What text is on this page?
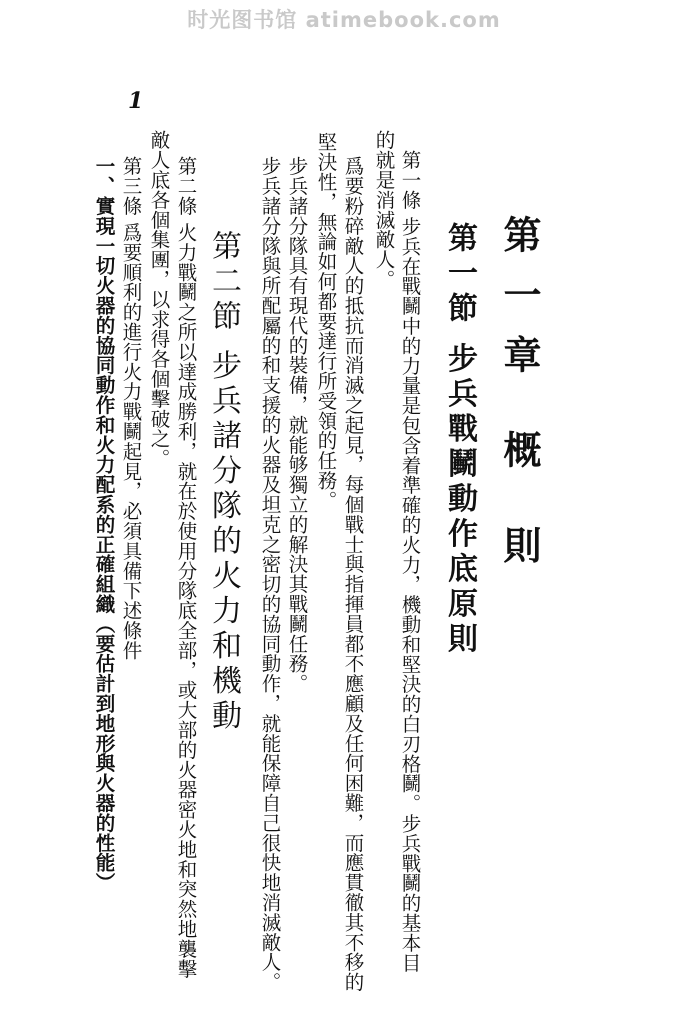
时光图书馆 atimebook.com
1
第一章 概 則
第一節 步兵戰鬭動作底原則
第一條 步兵在戰鬭中的力量是包含着準確的火力，機動和堅決的白刃格鬭。步兵戰鬭的基本目
的就是消滅敵人。
爲要粉碎敵人的抵抗而消滅之起見，每個戰士與指揮員都不應顧及任何困難，而應貫徹其不移的
堅決性，無論如何都要達行所受領的任務。
步兵諸分隊具有現代的裝備，就能够獨立的解決其戰鬭任務。
步兵諸分隊與所配屬的和支援的火器及坦克之密切的協同動作，就能保障自己很快地消滅敵人。
第二節 步兵諸分隊的火力和機動
第二條 火力戰鬭之所以達成勝利，就在於使用分隊底全部，或大部的火器密火地和突然地襲擊
敵人底各個集團，以求得各個擊破之。
第三條 爲要順利的進行火力戰鬭起見，必須具備下述條件
一、實現一切火器的協同動作和火力配系的正確組織（要估計到地形與火器的性能）
